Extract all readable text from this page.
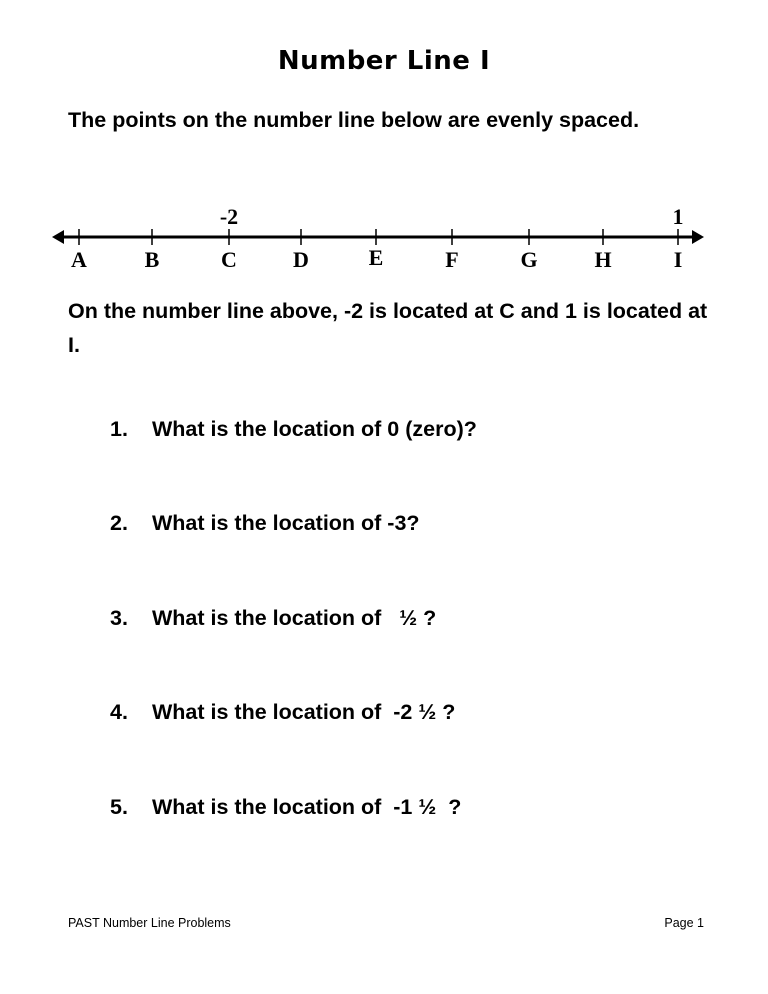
Number Line I
The points on the number line below are evenly spaced.
-2	1
A	B	C	D	E	F	G	H	I
On the number line above, -2 is located at C and 1 is located at I.
1. What is the location of 0 (zero)?
2. What is the location of -3?
3. What is the location of   ½ ?
4. What is the location of  -2 ½ ?
5. What is the location of  -1 ½  ?
PAST Number Line Problems	Page 1
